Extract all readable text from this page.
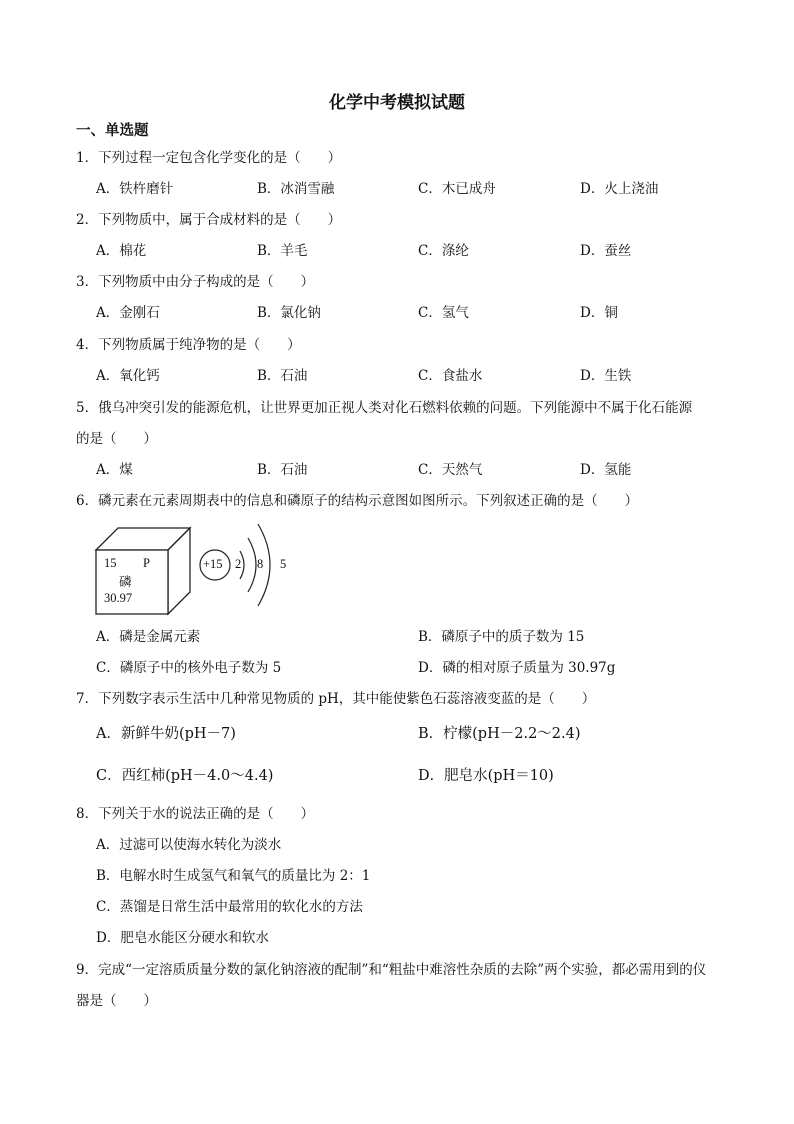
化学中考模拟试题
一、单选题
1．下列过程一定包含化学变化的是（　　）
A．铁杵磨针	B．冰消雪融	C．木已成舟	D．火上浇油
2．下列物质中，属于合成材料的是（　　）
A．棉花	B．羊毛	C．涤纶	D．蚕丝
3．下列物质中由分子构成的是（　　）
A．金刚石	B．氯化钠	C．氢气	D．铜
4．下列物质属于纯净物的是（　　）
A．氧化钙	B．石油	C．食盐水	D．生铁
5．俄乌冲突引发的能源危机，让世界更加正视人类对化石燃料依赖的问题。下列能源中不属于化石能源
的是（　　）
A．煤	B．石油	C．天然气	D．氢能
6．磷元素在元素周期表中的信息和磷原子的结构示意图如图所示。下列叙述正确的是（　　）
15 P
磷
30.97
+15 2 8 5
A．磷是金属元素	B．磷原子中的质子数为 15
C．磷原子中的核外电子数为 5	D．磷的相对原子质量为 30.97g
7．下列数字表示生活中几种常见物质的 pH，其中能使紫色石蕊溶液变蓝的是（　　）
A．新鲜牛奶(pH－7)	B．柠檬(pH－2.2～2.4)
C．西红柿(pH－4.0～4.4)	D．肥皂水(pH＝10)
8．下列关于水的说法正确的是（　　）
A．过滤可以使海水转化为淡水
B．电解水时生成氢气和氧气的质量比为 2：1
C．蒸馏是日常生活中最常用的软化水的方法
D．肥皂水能区分硬水和软水
9．完成“一定溶质质量分数的氯化钠溶液的配制”和“粗盐中难溶性杂质的去除”两个实验，都必需用到的仪
器是（　　）
